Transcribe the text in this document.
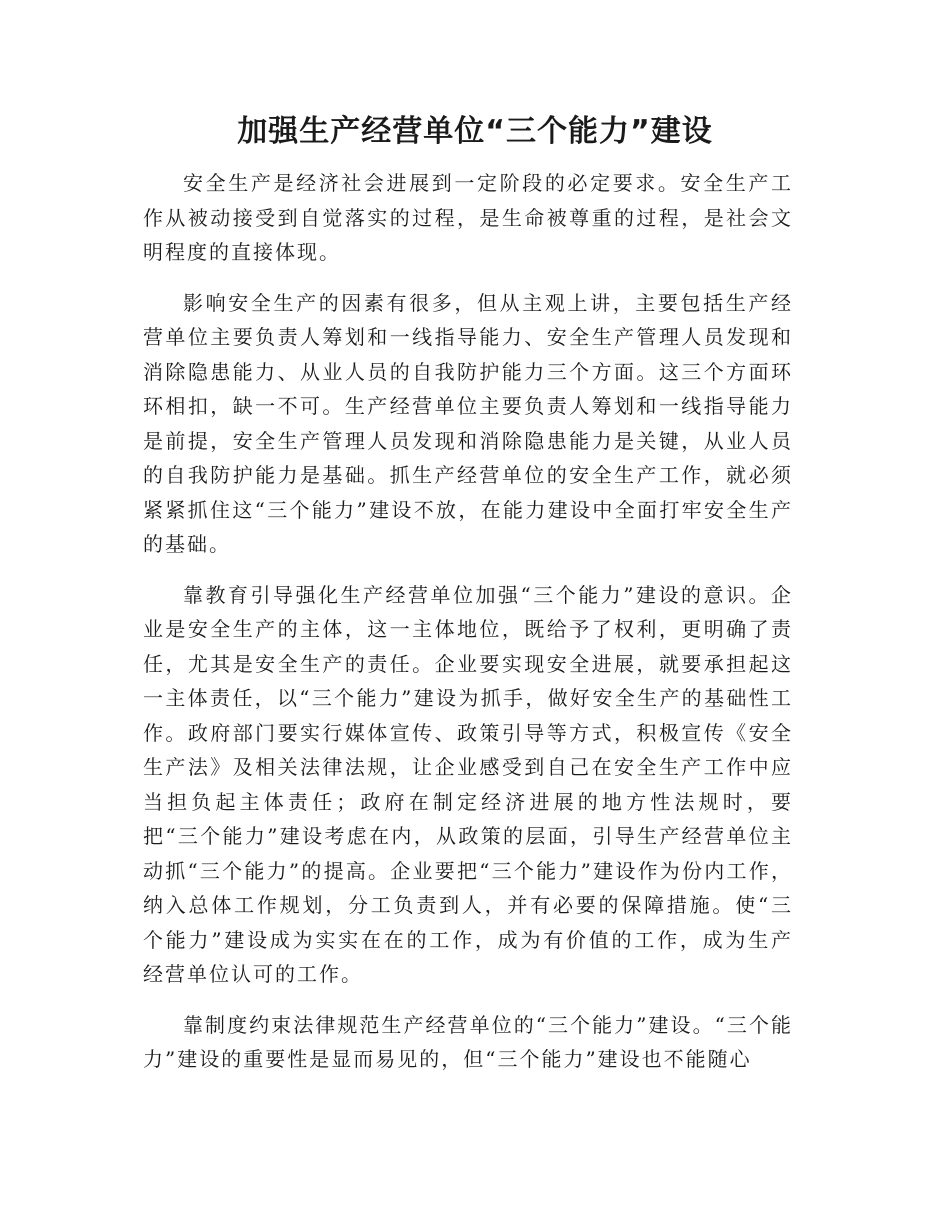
加强生产经营单位“三个能力”建设

安全生产是经济社会进展到一定阶段的必定要求。安全生产工作从被动接受到自觉落实的过程，是生命被尊重的过程，是社会文明程度的直接体现。

影响安全生产的因素有很多，但从主观上讲，主要包括生产经营单位主要负责人筹划和一线指导能力、安全生产管理人员发现和消除隐患能力、从业人员的自我防护能力三个方面。这三个方面环环相扣，缺一不可。生产经营单位主要负责人筹划和一线指导能力是前提，安全生产管理人员发现和消除隐患能力是关键，从业人员的自我防护能力是基础。抓生产经营单位的安全生产工作，就必须紧紧抓住这“三个能力”建设不放，在能力建设中全面打牢安全生产的基础。

靠教育引导强化生产经营单位加强“三个能力”建设的意识。企业是安全生产的主体，这一主体地位，既给予了权利，更明确了责任，尤其是安全生产的责任。企业要实现安全进展，就要承担起这一主体责任，以“三个能力”建设为抓手，做好安全生产的基础性工作。政府部门要实行媒体宣传、政策引导等方式，积极宣传《安全生产法》及相关法律法规，让企业感受到自己在安全生产工作中应当担负起主体责任；政府在制定经济进展的地方性法规时，要把“三个能力”建设考虑在内，从政策的层面，引导生产经营单位主动抓“三个能力”的提高。企业要把“三个能力”建设作为份内工作，纳入总体工作规划，分工负责到人，并有必要的保障措施。使“三个能力”建设成为实实在在的工作，成为有价值的工作，成为生产经营单位认可的工作。

靠制度约束法律规范生产经营单位的“三个能力”建设。“三个能力”建设的重要性是显而易见的，但“三个能力”建设也不能随心
